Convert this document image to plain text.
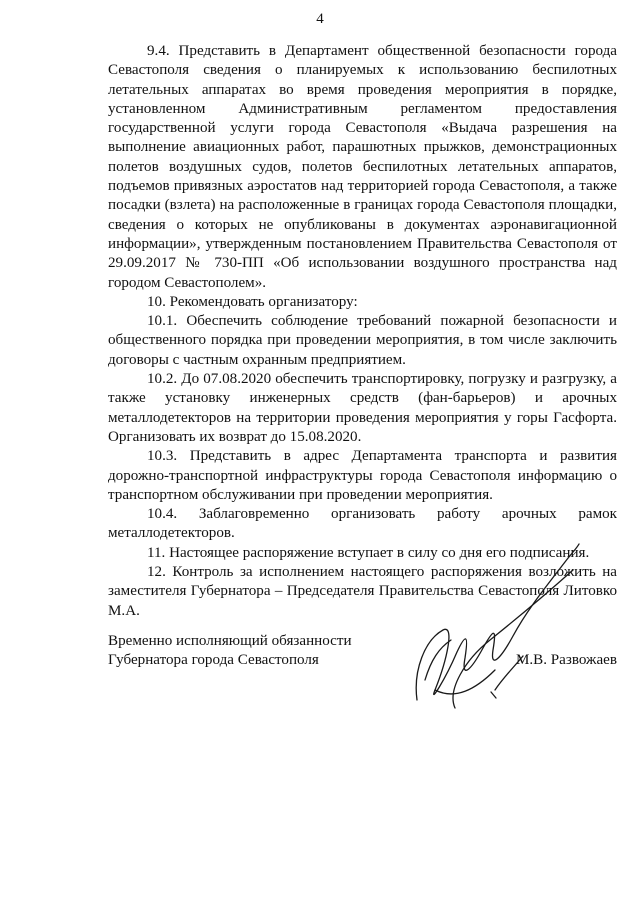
4

9.4. Представить в Департамент общественной безопасности города Севастополя сведения о планируемых к использованию беспилотных летательных аппаратах во время проведения мероприятия в порядке, установленном Административным регламентом предоставления государственной услуги города Севастополя «Выдача разрешения на выполнение авиационных работ, парашютных прыжков, демонстрационных полетов воздушных судов, полетов беспилотных летательных аппаратов, подъемов привязных аэростатов над территорией города Севастополя, а также посадки (взлета) на расположенные в границах города Севастополя площадки, сведения о которых не опубликованы в документах аэронавигационной информации», утвержденным постановлением Правительства Севастополя от 29.09.2017 № 730-ПП «Об использовании воздушного пространства над городом Севастополем».

10. Рекомендовать организатору:

10.1. Обеспечить соблюдение требований пожарной безопасности и общественного порядка при проведении мероприятия, в том числе заключить договоры с частным охранным предприятием.

10.2. До 07.08.2020 обеспечить транспортировку, погрузку и разгрузку, а также установку инженерных средств (фан-барьеров) и арочных металлодетекторов на территории проведения мероприятия у горы Гасфорта. Организовать их возврат до 15.08.2020.

10.3. Представить в адрес Департамента транспорта и развития дорожно-транспортной инфраструктуры города Севастополя информацию о транспортном обслуживании при проведении мероприятия.

10.4. Заблаговременно организовать работу арочных рамок металлодетекторов.

11. Настоящее распоряжение вступает в силу со дня его подписания.

12. Контроль за исполнением настоящего распоряжения возложить на заместителя Губернатора – Председателя Правительства Севастополя Литовко М.А.

Временно исполняющий обязанности
Губернатора города Севастополя	М.В. Развожаев
